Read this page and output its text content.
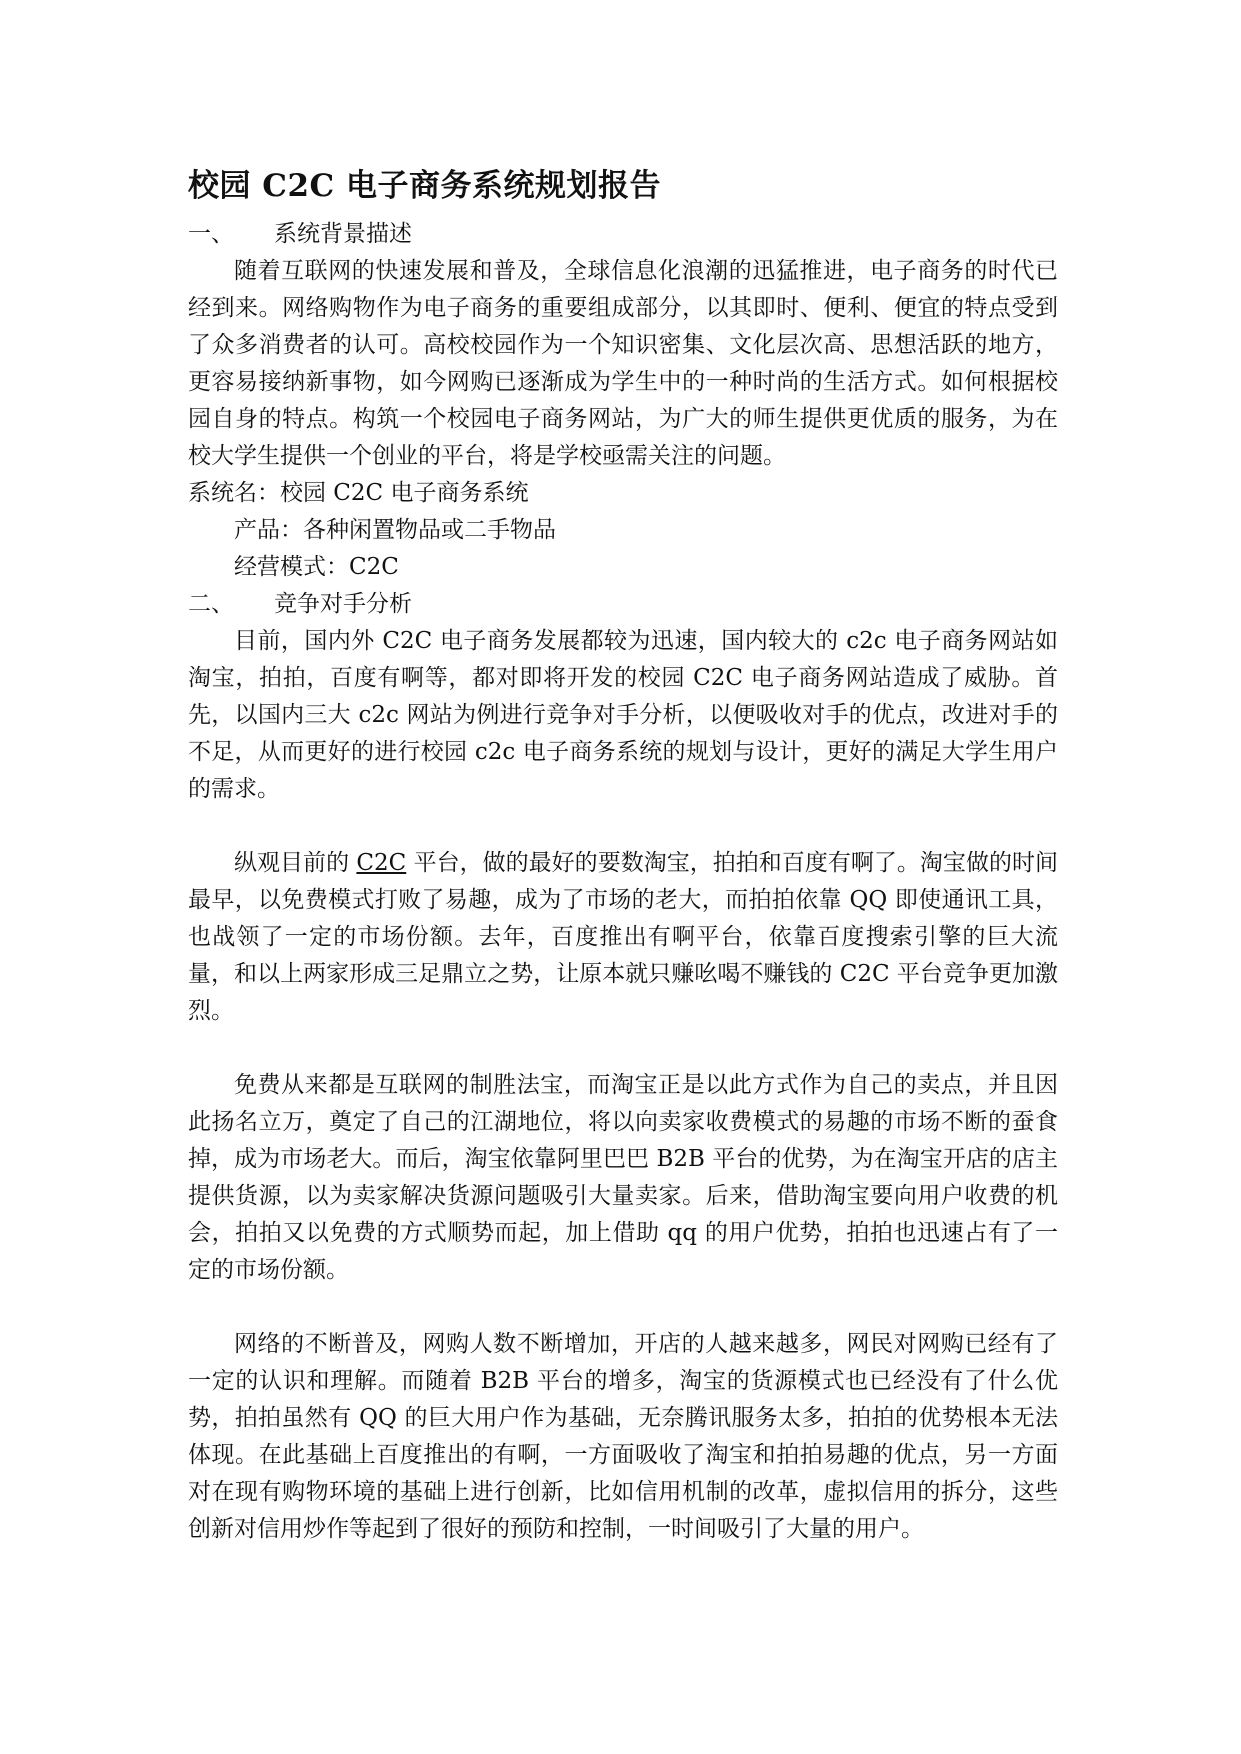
校园 C2C 电子商务系统规划报告
一、	系统背景描述

随着互联网的快速发展和普及，全球信息化浪潮的迅猛推进，电子商务的时代已经到来。网络购物作为电子商务的重要组成部分，以其即时、便利、便宜的特点受到了众多消费者的认可。高校校园作为一个知识密集、文化层次高、思想活跃的地方，更容易接纳新事物，如今网购已逐渐成为学生中的一种时尚的生活方式。如何根据校园自身的特点。构筑一个校园电子商务网站，为广大的师生提供更优质的服务，为在校大学生提供一个创业的平台，将是学校亟需关注的问题。

系统名：校园 C2C 电子商务系统
产品：各种闲置物品或二手物品
经营模式：C2C
二、	竞争对手分析

目前，国内外 C2C 电子商务发展都较为迅速，国内较大的 c2c 电子商务网站如淘宝，拍拍，百度有啊等，都对即将开发的校园 C2C 电子商务网站造成了威胁。首先，以国内三大 c2c 网站为例进行竞争对手分析，以便吸收对手的优点，改进对手的不足，从而更好的进行校园 c2c 电子商务系统的规划与设计，更好的满足大学生用户的需求。

纵观目前的 C2C 平台，做的最好的要数淘宝，拍拍和百度有啊了。淘宝做的时间最早，以免费模式打败了易趣，成为了市场的老大，而拍拍依靠 QQ 即使通讯工具，也战领了一定的市场份额。去年，百度推出有啊平台，依靠百度搜索引擎的巨大流量，和以上两家形成三足鼎立之势，让原本就只赚吆喝不赚钱的 C2C 平台竞争更加激烈。

免费从来都是互联网的制胜法宝，而淘宝正是以此方式作为自己的卖点，并且因此扬名立万，奠定了自己的江湖地位，将以向卖家收费模式的易趣的市场不断的蚕食掉，成为市场老大。而后，淘宝依靠阿里巴巴 B2B 平台的优势，为在淘宝开店的店主提供货源，以为卖家解决货源问题吸引大量卖家。后来，借助淘宝要向用户收费的机会，拍拍又以免费的方式顺势而起，加上借助 qq 的用户优势，拍拍也迅速占有了一定的市场份额。

网络的不断普及，网购人数不断增加，开店的人越来越多，网民对网购已经有了一定的认识和理解。而随着 B2B 平台的增多，淘宝的货源模式也已经没有了什么优势，拍拍虽然有 QQ 的巨大用户作为基础，无奈腾讯服务太多，拍拍的优势根本无法体现。在此基础上百度推出的有啊，一方面吸收了淘宝和拍拍易趣的优点，另一方面对在现有购物环境的基础上进行创新，比如信用机制的改革，虚拟信用的拆分，这些创新对信用炒作等起到了很好的预防和控制，一时间吸引了大量的用户。
